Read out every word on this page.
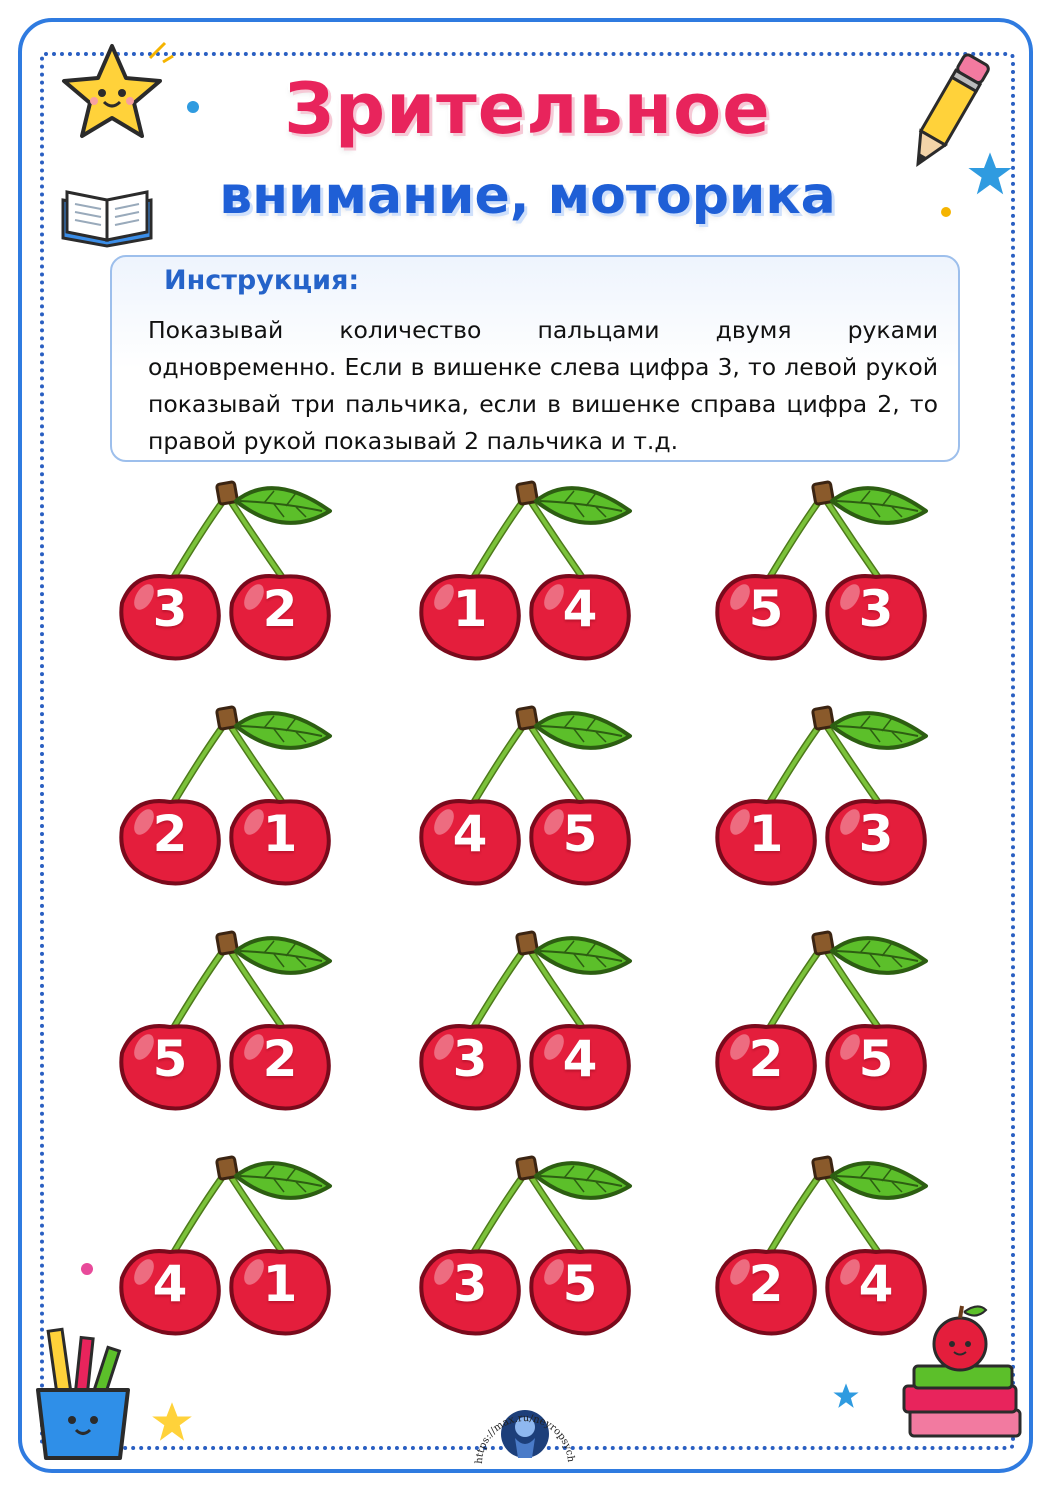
Зрительное
внимание, моторика
Инструкция:
Показывай количество пальцами двумя руками одновременно. Если в вишенке слева цифра 3, то левой рукой показывай три пальчика, если в вишенке справа цифра 2, то правой рукой показывай 2 пальчика и т.д.
3	2	1	4	5	3
2	1	4	5	1	3
5	2	3	4	2	5
4	1	3	5	2	4
https://max.ru/neyropsych
